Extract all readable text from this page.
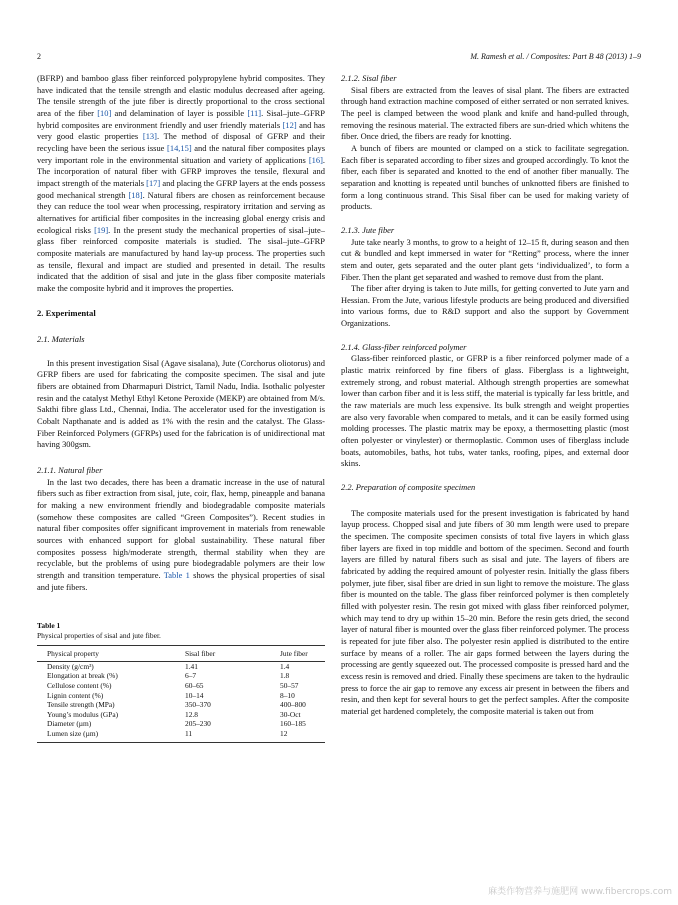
2	M. Ramesh et al. / Composites: Part B 48 (2013) 1–9

(BFRP) and bamboo glass fiber reinforced polypropylene hybrid composites. They have indicated that the tensile strength and elastic modulus decreased after ageing. The tensile strength of the jute fiber is directly proportional to the cross sectional area of the fiber [10] and delamination of layer is possible [11]. Sisal–jute–GFRP hybrid composites are environment friendly and user friendly materials [12] and has very good elastic properties [13]. The method of disposal of GFRP and their recycling have been the serious issue [14,15] and the natural fiber composites plays very important role in the environmental situation and variety of applications [16]. The incorporation of natural fiber with GFRP improves the tensile, flexural and impact strength of the materials [17] and placing the GFRP layers at the ends possess good mechanical strength [18]. Natural fibers are chosen as reinforcement because they can reduce the tool wear when processing, respiratory irritation and serving as alternatives for artificial fiber composites in the increasing global energy crisis and ecological risks [19]. In the present study the mechanical properties of sisal–jute–glass fiber reinforced composite materials is studied. The sisal–jute–GFRP composite materials are manufactured by hand lay-up process. The properties such as tensile, flexural and impact are studied and presented in detail. The results indicated that the addition of sisal and jute in the glass fiber composite materials make the composite hybrid and it improves the properties.

2. Experimental
2.1. Materials

In this present investigation Sisal (Agave sisalana), Jute (Corchorus oliotorus) and GFRP fibers are used for fabricating the composite specimen. The sisal and jute fibers are obtained from Dharmapuri District, Tamil Nadu, India. Isothalic polyester resin and the catalyst Methyl Ethyl Ketone Peroxide (MEKP) are obtained from M/s. Sakthi fibre glass Ltd., Chennai, India. The accelerator used for the investigation is Cobalt Napthanate and is added as 1% with the resin and the catalyst. The Glass-Fiber Reinforced Polymers (GFRPs) used for the fabrication is of unidirectional mat having 300gsm.

2.1.1. Natural fiber

In the last two decades, there has been a dramatic increase in the use of natural fibers such as fiber extraction from sisal, jute, coir, flax, hemp, pineapple and banana for making a new environment friendly and biodegradable composite materials (somehow these composites are called “Green Composites”). Recent studies in natural fiber composites offer significant improvement in materials from renewable sources with enhanced support for global sustainability. These natural fiber composites possess high/moderate strength, thermal stability when they are recyclable, but the problems of using pure biodegradable polymers are their low strength and transition temperature. Table 1 shows the physical properties of sisal and jute fibers.

Table 1
Physical properties of sisal and jute fiber.
Physical property	Sisal fiber	Jute fiber
Density (g/cm³)	1.41	1.4
Elongation at break (%)	6–7	1.8
Cellulose content (%)	60–65	50–57
Lignin content (%)	10–14	8–10
Tensile strength (MPa)	350–370	400–800
Young’s modulus (GPa)	12.8	30-Oct
Diameter (µm)	205–230	160–185
Lumen size (µm)	11	12
2.1.2. Sisal fiber

Sisal fibers are extracted from the leaves of sisal plant. The fibers are extracted through hand extraction machine composed of either serrated or non serrated knives. The peel is clamped between the wood plank and knife and hand-pulled through, removing the resinous material. The extracted fibers are sun-dried which whitens the fiber. Once dried, the fibers are ready for knotting.

A bunch of fibers are mounted or clamped on a stick to facilitate segregation. Each fiber is separated according to fiber sizes and grouped accordingly. To knot the fiber, each fiber is separated and knotted to the end of another fiber manually. The separation and knotting is repeated until bunches of unknotted fibers are finished to form a long continuous strand. This Sisal fiber can be used for making variety of products.

2.1.3. Jute fiber

Jute take nearly 3 months, to grow to a height of 12–15 ft, during season and then cut & bundled and kept immersed in water for “Retting” process, where the inner stem and outer, gets separated and the outer plant gets ‘individualized’, to form a Fiber. Then the plant get separated and washed to remove dust from the plant.

The fiber after drying is taken to Jute mills, for getting converted to Jute yarn and Hessian. From the Jute, various lifestyle products are being produced and diversified into various forms, due to R&D support and also the support by Government Organizations.

2.1.4. Glass-fiber reinforced polymer

Glass-fiber reinforced plastic, or GFRP is a fiber reinforced polymer made of a plastic matrix reinforced by fine fibers of glass. Fiberglass is a lightweight, extremely strong, and robust material. Although strength properties are somewhat lower than carbon fiber and it is less stiff, the material is typically far less brittle, and the raw materials are much less expensive. Its bulk strength and weight properties are also very favorable when compared to metals, and it can be easily formed using molding processes. The plastic matrix may be epoxy, a thermosetting plastic (most often polyester or vinylester) or thermoplastic. Common uses of fiberglass include boats, automobiles, baths, hot tubs, water tanks, roofing, pipes, and external door skins.

2.2. Preparation of composite specimen

The composite materials used for the present investigation is fabricated by hand layup process. Chopped sisal and jute fibers of 30 mm length were used to prepare the specimen. The composite specimen consists of total five layers in which glass fiber layers are fixed in top middle and bottom of the specimen. Second and fourth layers are filled by natural fibers such as sisal and jute. The layers of fibers are fabricated by adding the required amount of polyester resin. Initially the glass fibers polymer, jute fiber, sisal fiber are dried in sun light to remove the moisture. The glass fiber is mounted on the table. The glass fiber reinforced polymer is then completely filled with polyester resin. The resin got mixed with glass fiber reinforced polymer, which may tend to dry up within 15–20 min. Before the resin gets dried, the second layer of natural fiber is mounted over the glass fiber reinforced polymer. The process is repeated for jute fiber also. The polyester resin applied is distributed to the entire surface by means of a roller. The air gaps formed between the layers during the processing are gently squeezed out. The processed composite is pressed hard and the excess resin is removed and dried. Finally these specimens are taken to the hydraulic press to force the air gap to remove any excess air present in between the fibers and resin, and then kept for several hours to get the perfect samples. After the composite material get hardened completely, the composite material is taken out from

麻类作物营养与施肥网 www.fibercrops.com
